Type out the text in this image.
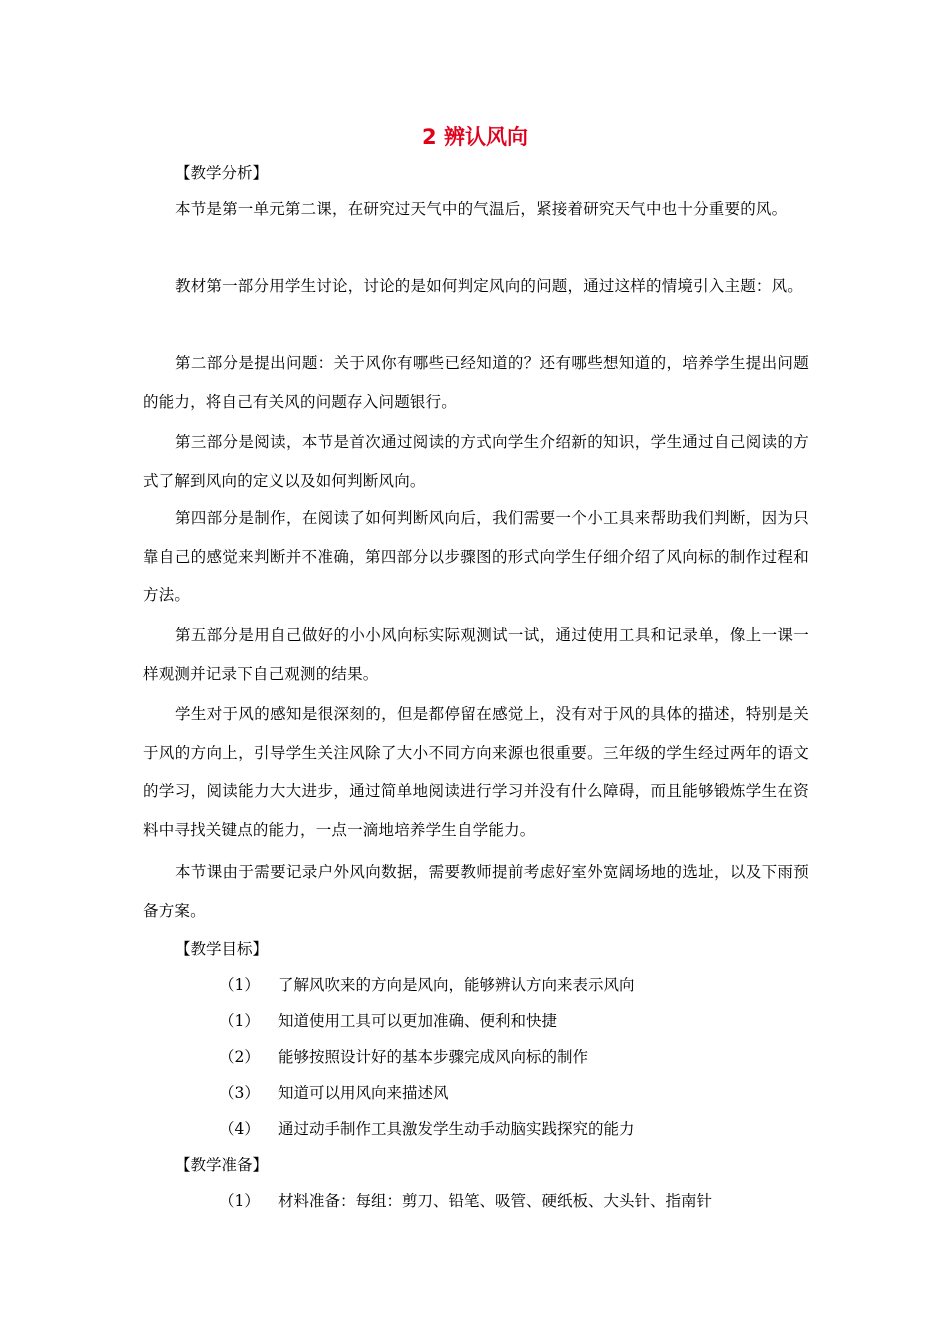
2 辨认风向
【教学分析】
本节是第一单元第二课，在研究过天气中的气温后，紧接着研究天气中也十分重要的风。
教材第一部分用学生讨论，讨论的是如何判定风向的问题，通过这样的情境引入主题：风。
第二部分是提出问题：关于风你有哪些已经知道的？还有哪些想知道的，培养学生提出问题的能力，将自己有关风的问题存入问题银行。
第三部分是阅读，本节是首次通过阅读的方式向学生介绍新的知识，学生通过自己阅读的方式了解到风向的定义以及如何判断风向。
第四部分是制作，在阅读了如何判断风向后，我们需要一个小工具来帮助我们判断，因为只靠自己的感觉来判断并不准确，第四部分以步骤图的形式向学生仔细介绍了风向标的制作过程和方法。
第五部分是用自己做好的小小风向标实际观测试一试，通过使用工具和记录单，像上一课一样观测并记录下自己观测的结果。
学生对于风的感知是很深刻的，但是都停留在感觉上，没有对于风的具体的描述，特别是关于风的方向上，引导学生关注风除了大小不同方向来源也很重要。三年级的学生经过两年的语文的学习，阅读能力大大进步，通过简单地阅读进行学习并没有什么障碍，而且能够锻炼学生在资料中寻找关键点的能力，一点一滴地培养学生自学能力。
本节课由于需要记录户外风向数据，需要教师提前考虑好室外宽阔场地的选址，以及下雨预备方案。
【教学目标】
（1） 了解风吹来的方向是风向，能够辨认方向来表示风向
（1） 知道使用工具可以更加准确、便利和快捷
（2） 能够按照设计好的基本步骤完成风向标的制作
（3） 知道可以用风向来描述风
（4） 通过动手制作工具激发学生动手动脑实践探究的能力
【教学准备】
（1） 材料准备：每组：剪刀、铅笔、吸管、硬纸板、大头针、指南针
